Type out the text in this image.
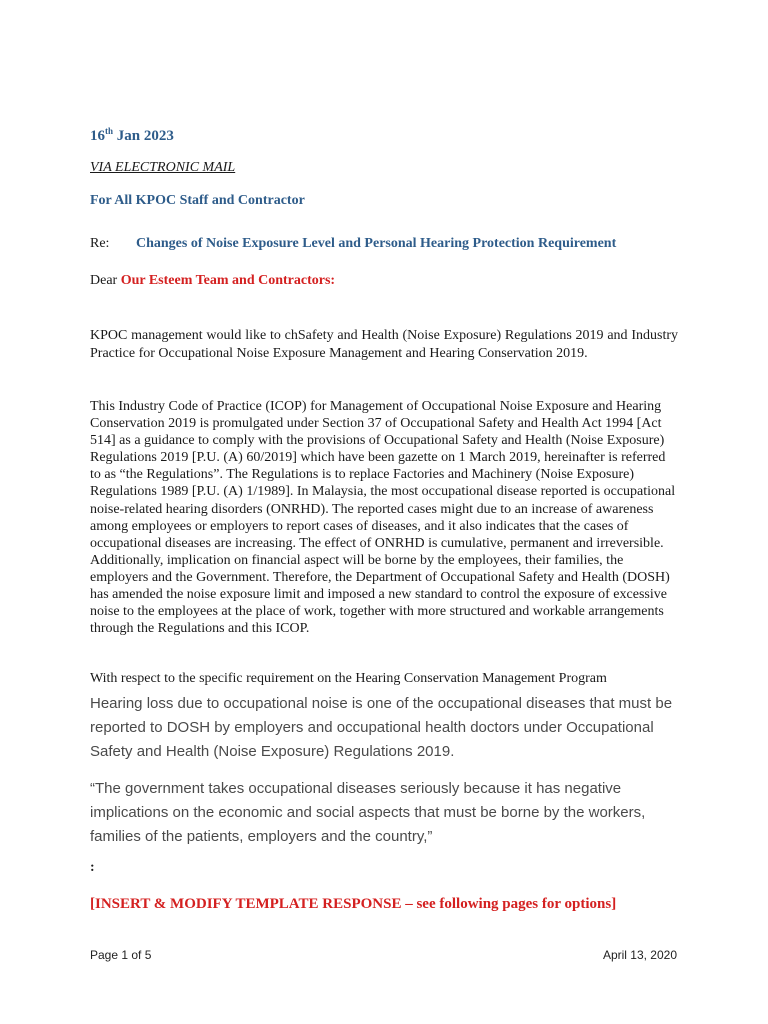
16th Jan 2023

VIA ELECTRONIC MAIL

For All KPOC Staff and Contractor

Re: Changes of Noise Exposure Level and Personal Hearing Protection Requirement

Dear Our Esteem Team and Contractors:

KPOC management would like to chSafety and Health (Noise Exposure) Regulations 2019 and Industry Practice for Occupational Noise Exposure Management and Hearing Conservation 2019.

This Industry Code of Practice (ICOP) for Management of Occupational Noise Exposure and Hearing Conservation 2019 is promulgated under Section 37 of Occupational Safety and Health Act 1994 [Act 514] as a guidance to comply with the provisions of Occupational Safety and Health (Noise Exposure) Regulations 2019 [P.U. (A) 60/2019] which have been gazette on 1 March 2019, hereinafter is referred to as “the Regulations”. The Regulations is to replace Factories and Machinery (Noise Exposure) Regulations 1989 [P.U. (A) 1/1989]. In Malaysia, the most occupational disease reported is occupational noise-related hearing disorders (ONRHD). The reported cases might due to an increase of awareness among employees or employers to report cases of diseases, and it also indicates that the cases of occupational diseases are increasing. The effect of ONRHD is cumulative, permanent and irreversible. Additionally, implication on financial aspect will be borne by the employees, their families, the employers and the Government. Therefore, the Department of Occupational Safety and Health (DOSH) has amended the noise exposure limit and imposed a new standard to control the exposure of excessive noise to the employees at the place of work, together with more structured and workable arrangements through the Regulations and this ICOP.

With respect to the specific requirement on the Hearing Conservation Management Program

Hearing loss due to occupational noise is one of the occupational diseases that must be reported to DOSH by employers and occupational health doctors under Occupational Safety and Health (Noise Exposure) Regulations 2019.

“The government takes occupational diseases seriously because it has negative implications on the economic and social aspects that must be borne by the workers, families of the patients, employers and the country,”

:

[INSERT & MODIFY TEMPLATE RESPONSE – see following pages for options]

Page 1 of 5	April 13, 2020
